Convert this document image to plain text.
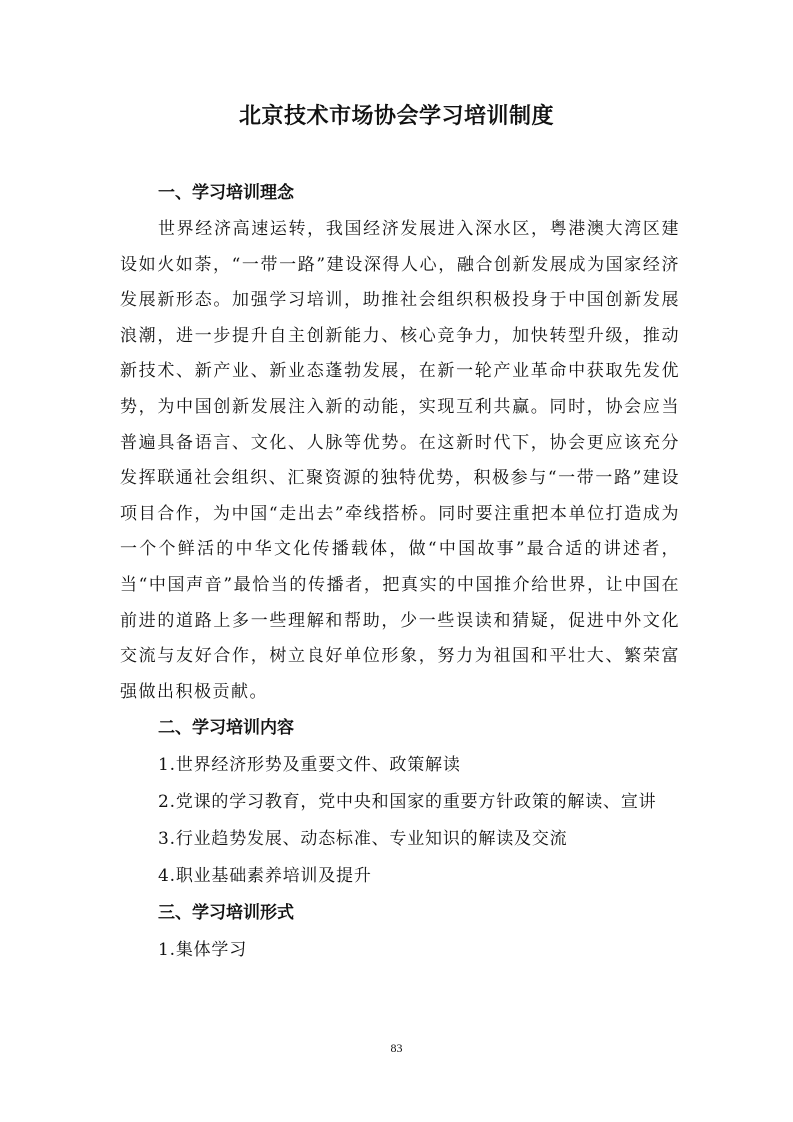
北京技术市场协会学习培训制度
一、学习培训理念

世界经济高速运转，我国经济发展进入深水区，粤港澳大湾区建设如火如荼，“一带一路”建设深得人心，融合创新发展成为国家经济发展新形态。加强学习培训，助推社会组织积极投身于中国创新发展浪潮，进一步提升自主创新能力、核心竞争力，加快转型升级，推动新技术、新产业、新业态蓬勃发展，在新一轮产业革命中获取先发优势，为中国创新发展注入新的动能，实现互利共赢。同时，协会应当普遍具备语言、文化、人脉等优势。在这新时代下，协会更应该充分发挥联通社会组织、汇聚资源的独特优势，积极参与“一带一路”建设项目合作，为中国“走出去”牵线搭桥。同时要注重把本单位打造成为一个个鲜活的中华文化传播载体，做“中国故事”最合适的讲述者，当“中国声音”最恰当的传播者，把真实的中国推介给世界，让中国在前进的道路上多一些理解和帮助，少一些误读和猜疑，促进中外文化交流与友好合作，树立良好单位形象，努力为祖国和平壮大、繁荣富强做出积极贡献。

二、学习培训内容

1.世界经济形势及重要文件、政策解读

2.党课的学习教育，党中央和国家的重要方针政策的解读、宣讲

3.行业趋势发展、动态标准、专业知识的解读及交流

4.职业基础素养培训及提升

三、学习培训形式

1.集体学习

83
